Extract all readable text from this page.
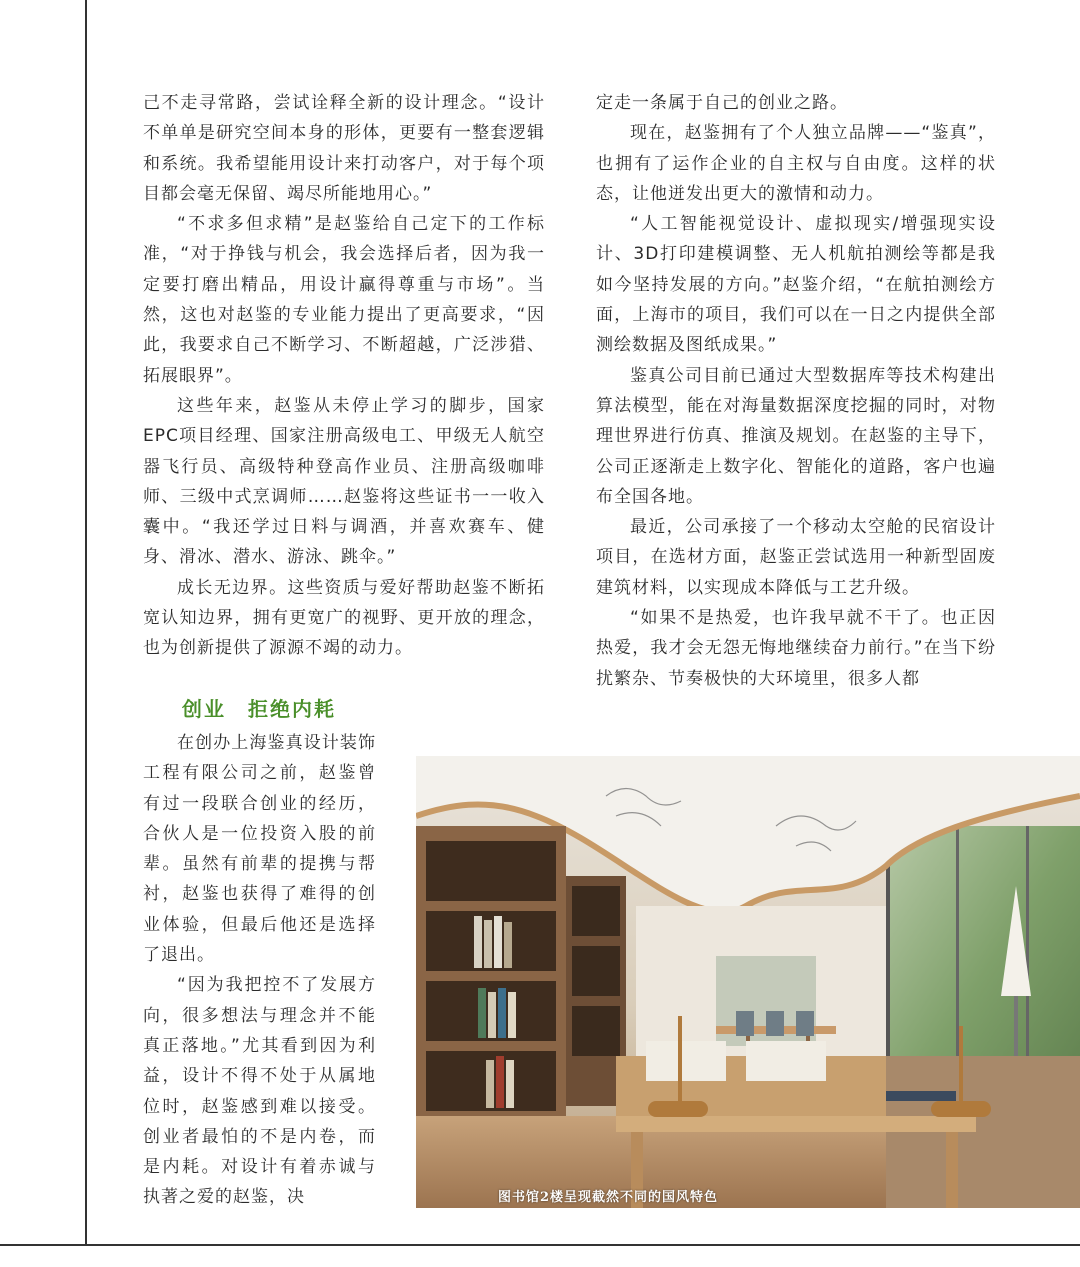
己不走寻常路，尝试诠释全新的设计理念。“设计不单单是研究空间本身的形体，更要有一整套逻辑和系统。我希望能用设计来打动客户，对于每个项目都会毫无保留、竭尽所能地用心。”

“不求多但求精”是赵鉴给自己定下的工作标准，“对于挣钱与机会，我会选择后者，因为我一定要打磨出精品，用设计赢得尊重与市场”。当然，这也对赵鉴的专业能力提出了更高要求，“因此，我要求自己不断学习、不断超越，广泛涉猎、拓展眼界”。

这些年来，赵鉴从未停止学习的脚步，国家EPC项目经理、国家注册高级电工、甲级无人航空器飞行员、高级特种登高作业员、注册高级咖啡师、三级中式烹调师……赵鉴将这些证书一一收入囊中。“我还学过日料与调酒，并喜欢赛车、健身、滑冰、潜水、游泳、跳伞。”

成长无边界。这些资质与爱好帮助赵鉴不断拓宽认知边界，拥有更宽广的视野、更开放的理念，也为创新提供了源源不竭的动力。

定走一条属于自己的创业之路。

现在，赵鉴拥有了个人独立品牌——“鉴真”，也拥有了运作企业的自主权与自由度。这样的状态，让他迸发出更大的激情和动力。

“人工智能视觉设计、虚拟现实/增强现实设计、3D打印建模调整、无人机航拍测绘等都是我如今坚持发展的方向。”赵鉴介绍，“在航拍测绘方面，上海市的项目，我们可以在一日之内提供全部测绘数据及图纸成果。”

鉴真公司目前已通过大型数据库等技术构建出算法模型，能在对海量数据深度挖掘的同时，对物理世界进行仿真、推演及规划。在赵鉴的主导下，公司正逐渐走上数字化、智能化的道路，客户也遍布全国各地。

最近，公司承接了一个移动太空舱的民宿设计项目，在选材方面，赵鉴正尝试选用一种新型固废建筑材料，以实现成本降低与工艺升级。

“如果不是热爱，也许我早就不干了。也正因热爱，我才会无怨无悔地继续奋力前行。”在当下纷扰繁杂、节奏极快的大环境里，很多人都

创业　拒绝内耗

在创办上海鉴真设计装饰工程有限公司之前，赵鉴曾有过一段联合创业的经历，合伙人是一位投资入股的前辈。虽然有前辈的提携与帮衬，赵鉴也获得了难得的创业体验，但最后他还是选择了退出。

“因为我把控不了发展方向，很多想法与理念并不能真正落地。”尤其看到因为利益，设计不得不处于从属地位时，赵鉴感到难以接受。创业者最怕的不是内卷，而是内耗。对设计有着赤诚与执著之爱的赵鉴，决	图书馆2楼呈现截然不同的国风特色
